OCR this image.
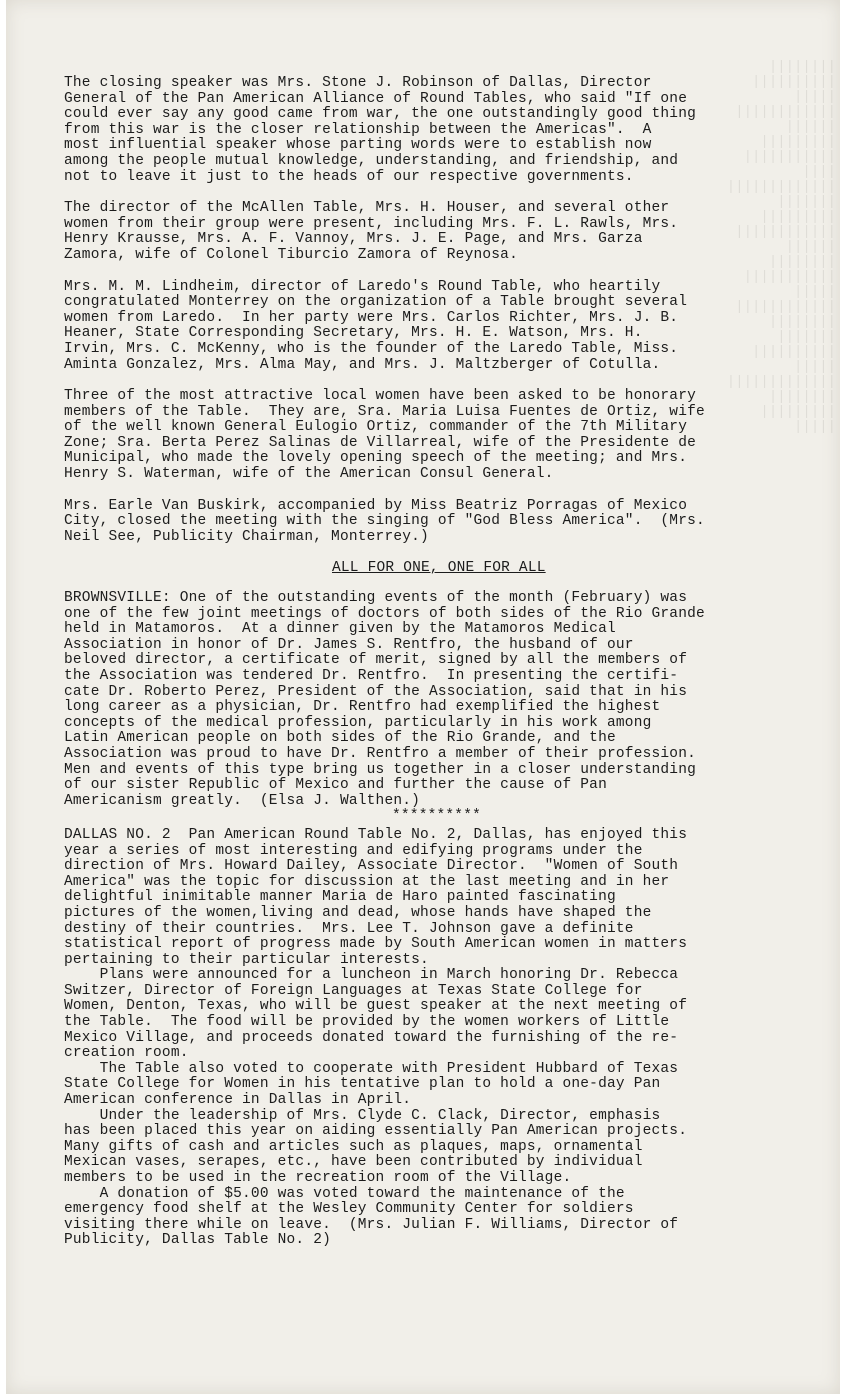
||||||||
||||||||||
|||||
||||||||||||
||||||
|||||||||
|||||||||||
||||
|||||||||||||
|||||||
|||||||||
||||||||||||
||||||
||||||||
|||||||||||
|||||
||||||||||||
||||||||
|||||||
||||||||||
|||||
|||||||||||||
||||||||
|||||||||
|||||
The closing speaker was Mrs. Stone J. Robinson of Dallas, Director
General of the Pan American Alliance of Round Tables, who said "If one
could ever say any good came from war, the one outstandingly good thing
from this war is the closer relationship between the Americas".  A
most influential speaker whose parting words were to establish now
among the people mutual knowledge, understanding, and friendship, and
not to leave it just to the heads of our respective governments.
The director of the McAllen Table, Mrs. H. Houser, and several other
women from their group were present, including Mrs. F. L. Rawls, Mrs.
Henry Krausse, Mrs. A. F. Vannoy, Mrs. J. E. Page, and Mrs. Garza
Zamora, wife of Colonel Tiburcio Zamora of Reynosa.
Mrs. M. M. Lindheim, director of Laredo's Round Table, who heartily
congratulated Monterrey on the organization of a Table brought several
women from Laredo.  In her party were Mrs. Carlos Richter, Mrs. J. B.
Heaner, State Corresponding Secretary, Mrs. H. E. Watson, Mrs. H.
Irvin, Mrs. C. McKenny, who is the founder of the Laredo Table, Miss.
Aminta Gonzalez, Mrs. Alma May, and Mrs. J. Maltzberger of Cotulla.
Three of the most attractive local women have been asked to be honorary
members of the Table.  They are, Sra. Maria Luisa Fuentes de Ortiz, wife
of the well known General Eulogio Ortiz, commander of the 7th Military
Zone; Sra. Berta Perez Salinas de Villarreal, wife of the Presidente de
Municipal, who made the lovely opening speech of the meeting; and Mrs.
Henry S. Waterman, wife of the American Consul General.
Mrs. Earle Van Buskirk, accompanied by Miss Beatriz Porragas of Mexico
City, closed the meeting with the singing of "God Bless America".  (Mrs.
Neil See, Publicity Chairman, Monterrey.)
ALL FOR ONE, ONE FOR ALL
BROWNSVILLE: One of the outstanding events of the month (February) was
one of the few joint meetings of doctors of both sides of the Rio Grande
held in Matamoros.  At a dinner given by the Matamoros Medical
Association in honor of Dr. James S. Rentfro, the husband of our
beloved director, a certificate of merit, signed by all the members of
the Association was tendered Dr. Rentfro.  In presenting the certifi-
cate Dr. Roberto Perez, President of the Association, said that in his
long career as a physician, Dr. Rentfro had exemplified the highest
concepts of the medical profession, particularly in his work among
Latin American people on both sides of the Rio Grande, and the
Association was proud to have Dr. Rentfro a member of their profession.
Men and events of this type bring us together in a closer understanding
of our sister Republic of Mexico and further the cause of Pan
Americanism greatly.  (Elsa J. Walthen.)
**********
DALLAS NO. 2  Pan American Round Table No. 2, Dallas, has enjoyed this
year a series of most interesting and edifying programs under the
direction of Mrs. Howard Dailey, Associate Director.  "Women of South
America" was the topic for discussion at the last meeting and in her
delightful inimitable manner Maria de Haro painted fascinating
pictures of the women,living and dead, whose hands have shaped the
destiny of their countries.  Mrs. Lee T. Johnson gave a definite
statistical report of progress made by South American women in matters
pertaining to their particular interests.
Plans were announced for a luncheon in March honoring Dr. Rebecca
Switzer, Director of Foreign Languages at Texas State College for
Women, Denton, Texas, who will be guest speaker at the next meeting of
the Table.  The food will be provided by the women workers of Little
Mexico Village, and proceeds donated toward the furnishing of the re-
creation room.
The Table also voted to cooperate with President Hubbard of Texas
State College for Women in his tentative plan to hold a one-day Pan
American conference in Dallas in April.
Under the leadership of Mrs. Clyde C. Clack, Director, emphasis
has been placed this year on aiding essentially Pan American projects.
Many gifts of cash and articles such as plaques, maps, ornamental
Mexican vases, serapes, etc., have been contributed by individual
members to be used in the recreation room of the Village.
A donation of $5.00 was voted toward the maintenance of the
emergency food shelf at the Wesley Community Center for soldiers
visiting there while on leave.  (Mrs. Julian F. Williams, Director of
Publicity, Dallas Table No. 2)
